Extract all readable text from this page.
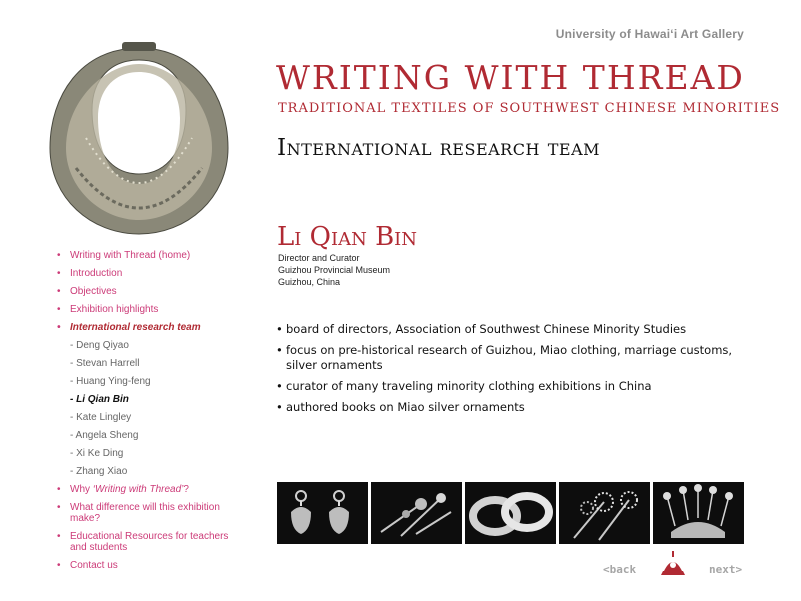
University of Hawai‘i Art Gallery
WRITING WITH THREAD
TRADITIONAL TEXTILES OF SOUTHWEST CHINESE MINORITIES
International research team
Li Qian Bin
Director and Curator
Guizhou Provincial Museum
Guizhou, China
• board of directors, Association of Southwest Chinese Minority Studies
• focus on pre-historical research of Guizhou, Miao clothing, marriage customs, silver ornaments
• curator of many traveling minority clothing exhibitions in China
• authored books on Miao silver ornaments
• Writing with Thread (home)
• Introduction
• Objectives
• Exhibition highlights
• International research team
- Deng Qiyao
- Stevan Harrell
- Huang Ying-feng
- Li Qian Bin
- Kate Lingley
- Angela Sheng
- Xi Ke Ding
- Zhang Xiao
• Why ‘Writing with Thread’?
• What difference will this exhibition make?
• Educational Resources for teachers and students
• Contact us	<back	next>
